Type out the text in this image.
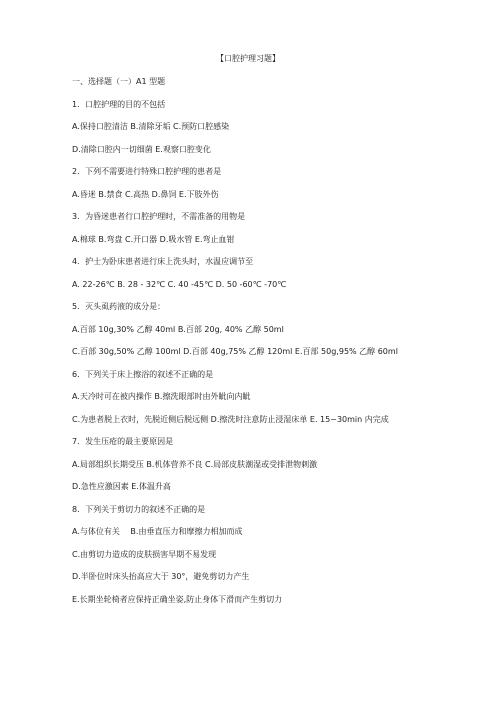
【口腔护理习题】
一、选择题（一）A1 型题
1．口腔护理的目的不包括
A.保持口腔清洁 B.清除牙垢 C.预防口腔感染
D.清除口腔内一切细菌 E.观察口腔变化
2．下列不需要进行特殊口腔护理的患者是
A.昏迷 B.禁食 C.高热 D.鼻饲 E.下肢外伤
3．为昏迷患者行口腔护理时，不需准备的用物是
A.棉球 B.弯盘 C.开口器 D.吸水管 E.弯止血钳
4．护士为卧床患者进行床上洗头时，水温应调节至
A. 22-26℃ B. 28 - 32℃ C. 40 -45℃ D. 50 -60℃ -70℃
5．灭头虱药液的成分是：
A.百部 10g,30% 乙醇 40ml B.百部 20g, 40% 乙醇 50ml
C.百部 30g,50% 乙醇 100ml D.百部 40g,75% 乙醇 120ml E.百部 50g,95% 乙醇 60ml
6．下列关于床上擦浴的叙述不正确的是
A.天冷时可在被内操作 B.擦洗眼部时由外眦向内眦
C.为患者脱上衣时，先脱近侧后脱远侧 D.擦洗时注意防止浸湿床单 E. 15~30min 内完成
7．发生压疮的最主要原因是
A.局部组织长期受压 B.机体营养不良 C.局部皮肤潮湿或受排泄物刺激
D.急性应激因素 E.体温升高
8．下列关于剪切力的叙述不正确的是
A.与体位有关　 B.由垂直压力和摩擦力相加而成
C.由剪切力造成的皮肤损害早期不易发现
D.半卧位时床头抬高应大于 30°，避免剪切力产生
E.长期坐轮椅者应保持正确坐姿,防止身体下滑而产生剪切力
